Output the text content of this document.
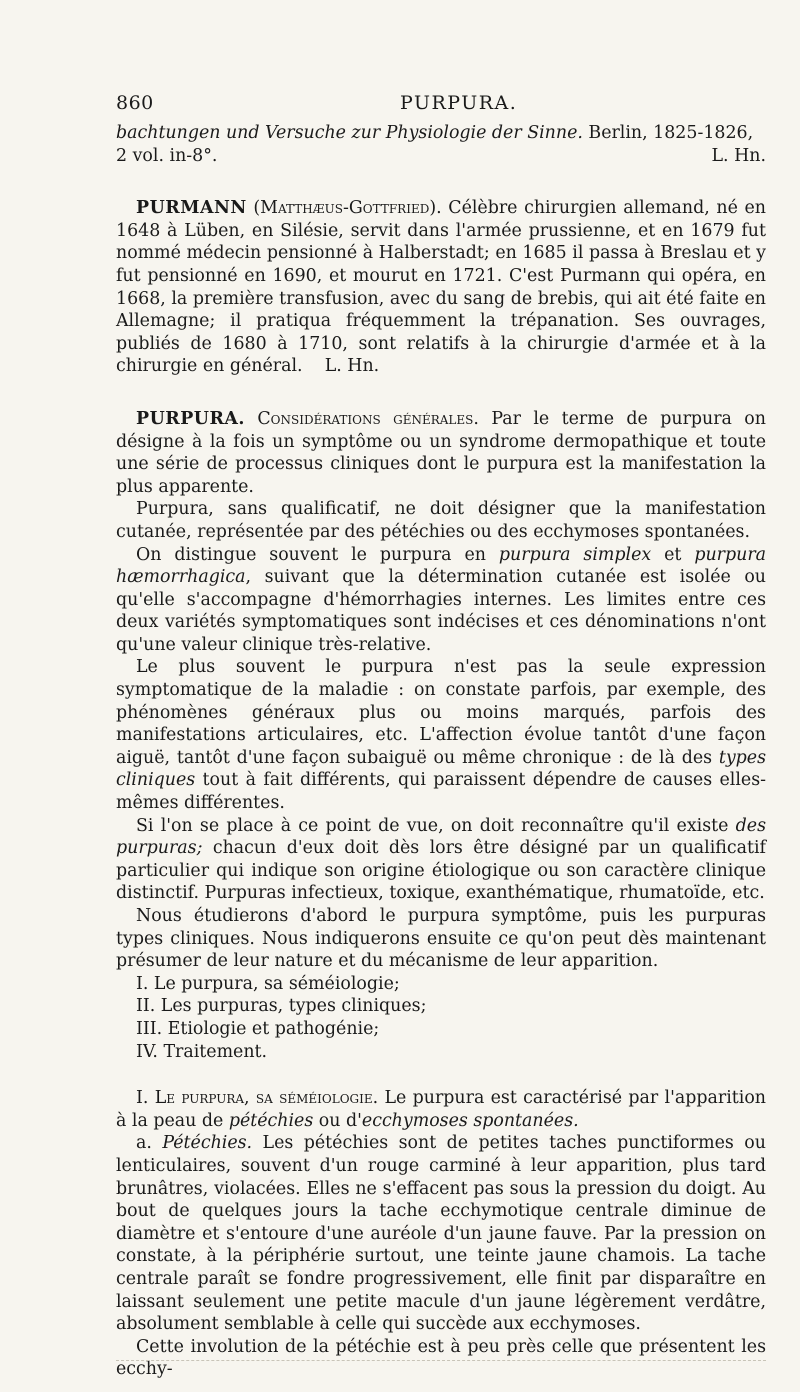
860	PURPURA.

bachtungen und Versuche zur Physiologie der Sinne. Berlin, 1825-1826,

2 vol. in-8°.	L. Hn.

PURMANN (Matthæus-Gottfried). Célèbre chirurgien allemand, né en 1648 à Lüben, en Silésie, servit dans l'armée prussienne, et en 1679 fut nommé médecin pensionné à Halberstadt; en 1685 il passa à Breslau et y fut pensionné en 1690, et mourut en 1721. C'est Purmann qui opéra, en 1668, la première transfusion, avec du sang de brebis, qui ait été faite en Allemagne; il pratiqua fréquemment la trépanation. Ses ouvrages, publiés de 1680 à 1710, sont relatifs à la chirurgie d'armée et à la chirurgie en général. L. Hn.

PURPURA. Considérations générales. Par le terme de purpura on désigne à la fois un symptôme ou un syndrome dermopathique et toute une série de processus cliniques dont le purpura est la manifestation la plus apparente.

Purpura, sans qualificatif, ne doit désigner que la manifestation cutanée, représentée par des pétéchies ou des ecchymoses spontanées.

On distingue souvent le purpura en purpura simplex et purpura hæmorrhagica, suivant que la détermination cutanée est isolée ou qu'elle s'accompagne d'hémorrhagies internes. Les limites entre ces deux variétés symptomatiques sont indécises et ces dénominations n'ont qu'une valeur clinique très-relative.

Le plus souvent le purpura n'est pas la seule expression symptomatique de la maladie : on constate parfois, par exemple, des phénomènes généraux plus ou moins marqués, parfois des manifestations articulaires, etc. L'affection évolue tantôt d'une façon aiguë, tantôt d'une façon subaiguë ou même chronique : de là des types cliniques tout à fait différents, qui paraissent dépendre de causes elles-mêmes différentes.

Si l'on se place à ce point de vue, on doit reconnaître qu'il existe des purpuras; chacun d'eux doit dès lors être désigné par un qualificatif particulier qui indique son origine étiologique ou son caractère clinique distinctif. Purpuras infectieux, toxique, exanthématique, rhumatoïde, etc.

Nous étudierons d'abord le purpura symptôme, puis les purpuras types cliniques. Nous indiquerons ensuite ce qu'on peut dès maintenant présumer de leur nature et du mécanisme de leur apparition.

I. Le purpura, sa séméiologie;

II. Les purpuras, types cliniques;

III. Etiologie et pathogénie;

IV. Traitement.

I. Le purpura, sa séméiologie. Le purpura est caractérisé par l'apparition à la peau de pétéchies ou d'ecchymoses spontanées.

a. Pétéchies. Les pétéchies sont de petites taches punctiformes ou lenticulaires, souvent d'un rouge carminé à leur apparition, plus tard brunâtres, violacées. Elles ne s'effacent pas sous la pression du doigt. Au bout de quelques jours la tache ecchymotique centrale diminue de diamètre et s'entoure d'une auréole d'un jaune fauve. Par la pression on constate, à la périphérie surtout, une teinte jaune chamois. La tache centrale paraît se fondre progressivement, elle finit par disparaître en laissant seulement une petite macule d'un jaune légèrement verdâtre, absolument semblable à celle qui succède aux ecchymoses.

Cette involution de la pétéchie est à peu près celle que présentent les ecchy-
